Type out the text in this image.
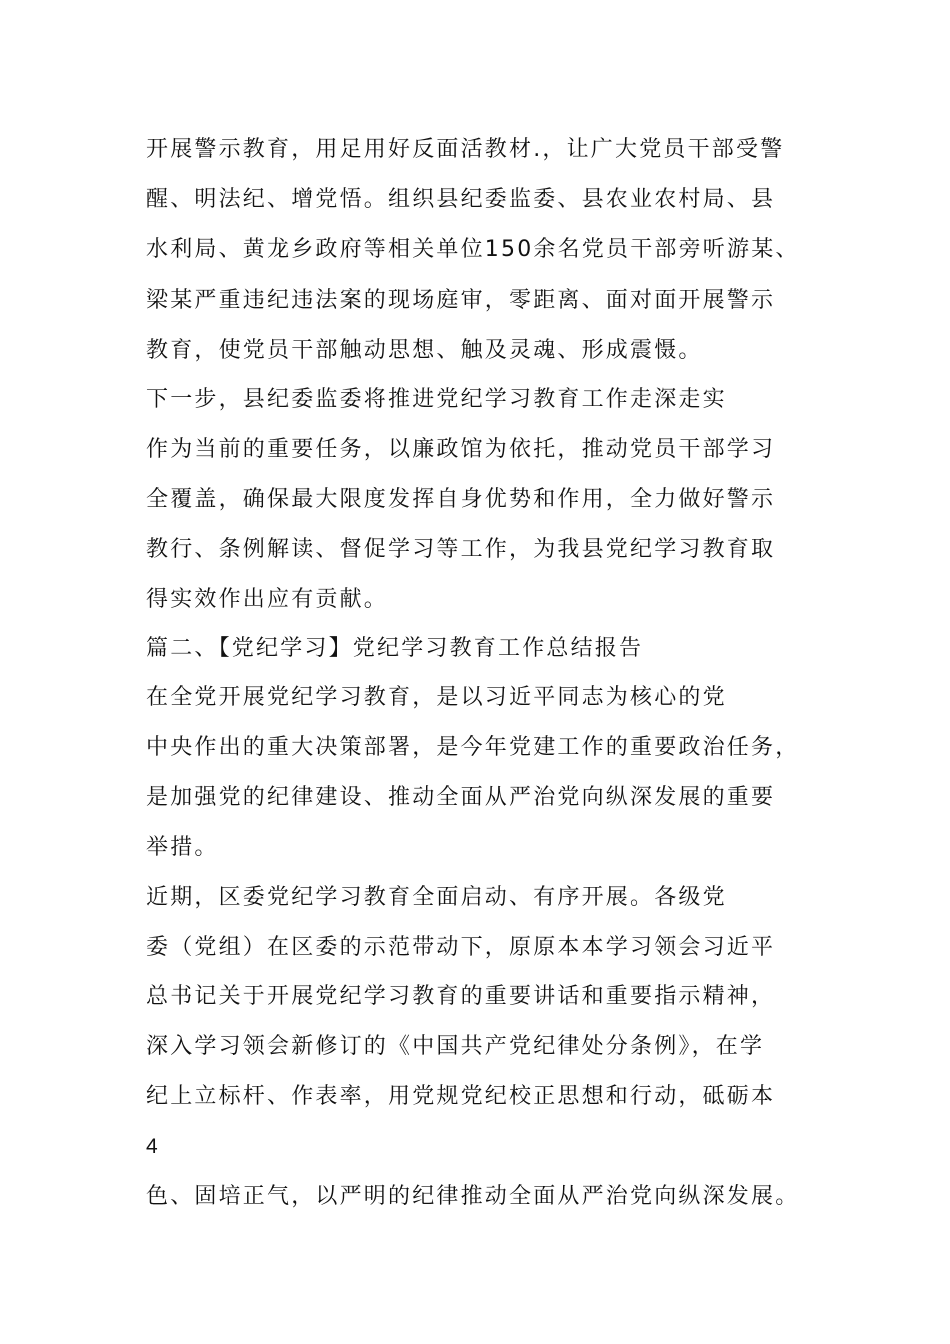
开展警示教育，用足用好反面活教材.，让广大党员干部受警
醒、明法纪、增党悟。组织县纪委监委、县农业农村局、县
水利局、黄龙乡政府等相关单位150余名党员干部旁听游某、
梁某严重违纪违法案的现场庭审，零距离、面对面开展警示
教育，使党员干部触动思想、触及灵魂、形成震慑。
下一步，县纪委监委将推进党纪学习教育工作走深走实
作为当前的重要任务，以廉政馆为依托，推动党员干部学习
全覆盖，确保最大限度发挥自身优势和作用，全力做好警示
教行、条例解读、督促学习等工作，为我县党纪学习教育取
得实效作出应有贡献。
篇二、【党纪学习】党纪学习教育工作总结报告
在全党开展党纪学习教育，是以习近平同志为核心的党
中央作出的重大决策部署，是今年党建工作的重要政治任务，
是加强党的纪律建设、推动全面从严治党向纵深发展的重要
举措。
近期，区委党纪学习教育全面启动、有序开展。各级党
委（党组）在区委的示范带动下，原原本本学习领会习近平
总书记关于开展党纪学习教育的重要讲话和重要指示精神，
深入学习领会新修订的《中国共产党纪律处分条例》，在学
纪上立标杆、作表率，用党规党纪校正思想和行动，砥砺本
4
色、固培正气，以严明的纪律推动全面从严治党向纵深发展。
